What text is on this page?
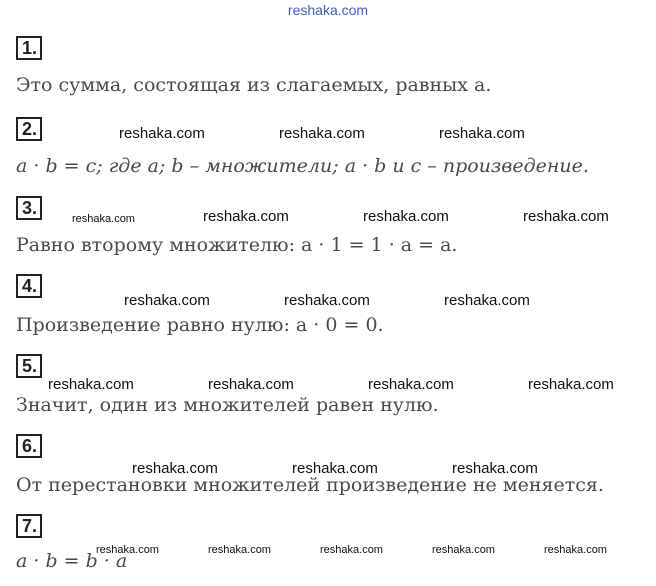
reshaka.com
1.
Это сумма, состоящая из слагаемых, равных a.
2.
a · b = c; где a; b – множители; a · b и c – произведение.
3.
Равно второму множителю: a · 1 = 1 · a = a.
4.
Произведение равно нулю: a · 0 = 0.
5.
Значит, один из множителей равен нулю.
6.
От перестановки множителей произведение не меняется.
7.
a · b = b · a
reshaka.com	reshaka.com	reshaka.com
reshaka.com	reshaka.com	reshaka.com	reshaka.com
reshaka.com	reshaka.com	reshaka.com
reshaka.com	reshaka.com	reshaka.com	reshaka.com
reshaka.com	reshaka.com	reshaka.com
reshaka.com	reshaka.com	reshaka.com	reshaka.com	reshaka.com
